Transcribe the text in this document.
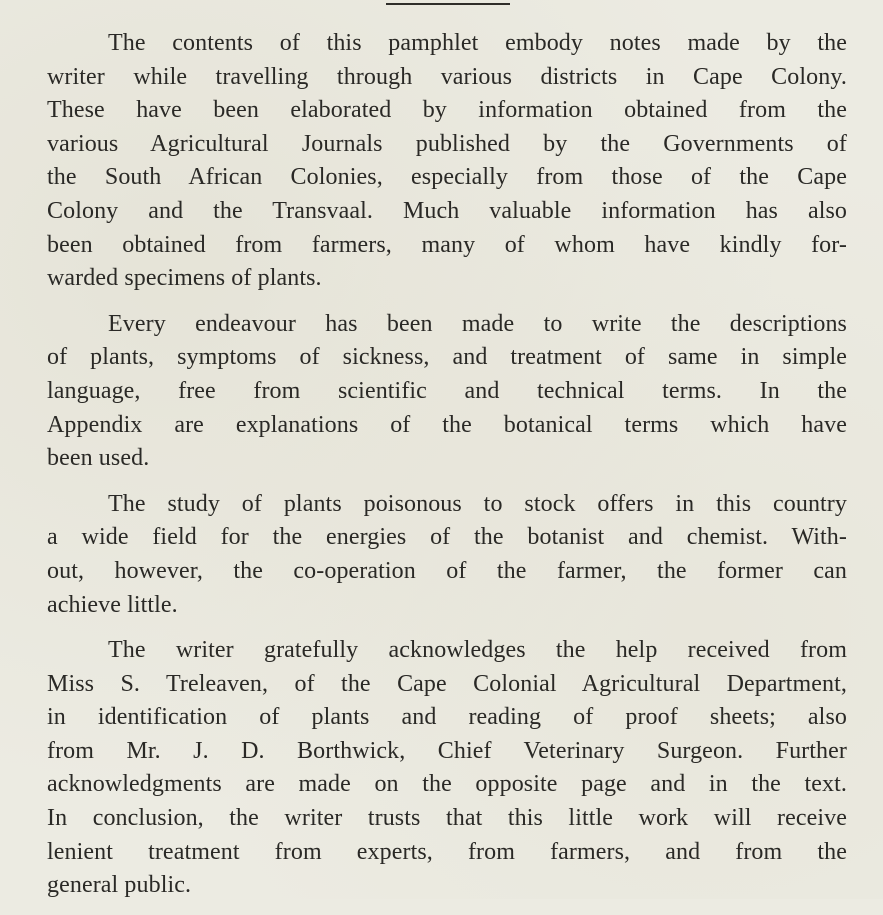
The contents of this pamphlet embody notes made by the
writer while travelling through various districts in Cape Colony.
These have been elaborated by information obtained from the
various Agricultural Journals published by the Governments of
the South African Colonies, especially from those of the Cape
Colony and the Transvaal. Much valuable information has also
been obtained from farmers, many of whom have kindly for-
warded specimens of plants.
Every endeavour has been made to write the descriptions
of plants, symptoms of sickness, and treatment of same in simple
language, free from scientific and technical terms. In the
Appendix are explanations of the botanical terms which have
been used.
The study of plants poisonous to stock offers in this country
a wide field for the energies of the botanist and chemist. With-
out, however, the co-operation of the farmer, the former can
achieve little.
The writer gratefully acknowledges the help received from
Miss S. Treleaven, of the Cape Colonial Agricultural Department,
in identification of plants and reading of proof sheets; also
from Mr. J. D. Borthwick, Chief Veterinary Surgeon. Further
acknowledgments are made on the opposite page and in the text.
In conclusion, the writer trusts that this little work will receive
lenient treatment from experts, from farmers, and from the
general public.
